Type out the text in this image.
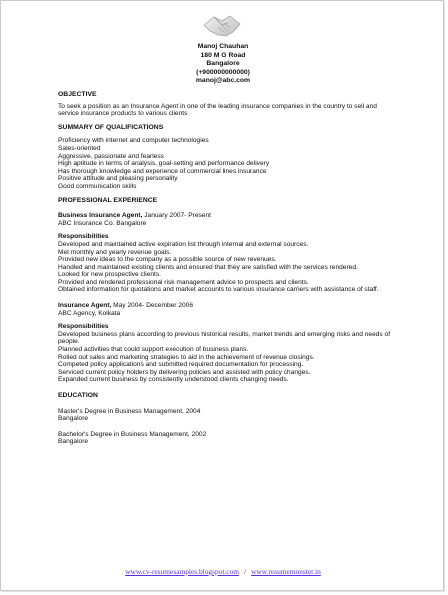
Manoj Chauhan
180 M G Road
Bangalore
(+900000000000)
manoj@abc.com

OBJECTIVE

To seek a position as an Insurance Agent in one of the leading insurance companies in the country to sell and service insurance products to various clients

SUMMARY OF QUALIFICATIONS

Proficiency with internet and computer technologies
Sales-oriented
Aggressive, passionate and fearless
High aptitude in terms of analysis, goal-setting and performance delivery
Has thorough knowledge and experience of commercial lines insurance
Positive attitude and pleasing personality
Good communication skills

PROFESSIONAL EXPERIENCE

Business Insurance Agent, January 2007- Present

ABC Insurance Co. Bangalore

Responsibilities

Developed and maintained active expiration list through internal and external sources.
Met monthly and yearly revenue goals.
Provided new ideas to the company as a possible source of new revenues.
Handled and maintained existing clients and ensured that they are satisfied with the services rendered.
Looked for new prospective clients.
Provided and rendered professional risk management advice to prospects and clients.
Obtained information for quotations and market accounts to various insurance carriers with assistance of staff.

Insurance Agent, May 2004- December 2006

ABC Agency, Kolkata

Responsibilities

Developed business plans according to previous historical results, market trends and emerging risks and needs of people.
Planned activities that could support execution of business plans.
Rolled out sales and marketing strategies to aid in the achievement of revenue closings.
Competed policy applications and submitted required documentation for processing.
Serviced current policy holders by delivering policies and assisted with policy changes.
Expanded current business by consistently understood clients changing needs.

EDUCATION

Master's Degree in Business Management, 2004

Bangalore

Bachelor's Degree in Business Management, 2002

Bangalore

www.cv-resumesamples.blogspot.com / www.resumemonster.in
